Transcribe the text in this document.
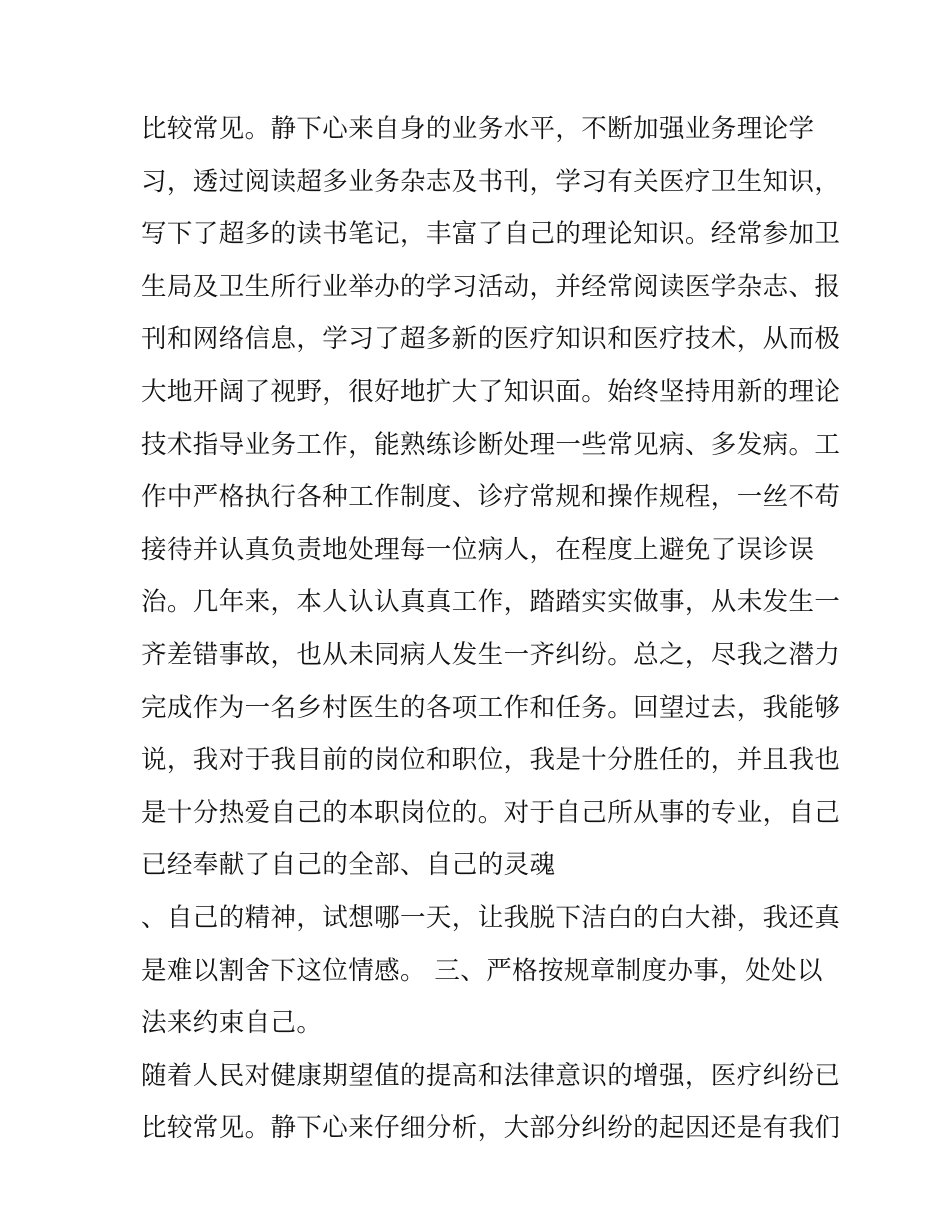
比较常见。静下心来自身的业务水平，不断加强业务理论学
习，透过阅读超多业务杂志及书刊，学习有关医疗卫生知识，
写下了超多的读书笔记，丰富了自己的理论知识。经常参加卫
生局及卫生所行业举办的学习活动，并经常阅读医学杂志、报
刊和网络信息，学习了超多新的医疗知识和医疗技术，从而极
大地开阔了视野，很好地扩大了知识面。始终坚持用新的理论
技术指导业务工作，能熟练诊断处理一些常见病、多发病。工
作中严格执行各种工作制度、诊疗常规和操作规程，一丝不苟
接待并认真负责地处理每一位病人，在程度上避免了误诊误
治。几年来，本人认认真真工作，踏踏实实做事，从未发生一
齐差错事故，也从未同病人发生一齐纠纷。总之，尽我之潜力
完成作为一名乡村医生的各项工作和任务。回望过去，我能够
说，我对于我目前的岗位和职位，我是十分胜任的，并且我也
是十分热爱自己的本职岗位的。对于自己所从事的专业，自己
已经奉献了自己的全部、自己的灵魂
、自己的精神，试想哪一天，让我脱下洁白的白大褂，我还真
是难以割舍下这位情感。 三、严格按规章制度办事，处处以
法来约束自己。
随着人民对健康期望值的提高和法律意识的增强，医疗纠纷已
比较常见。静下心来仔细分析，大部分纠纷的起因还是有我们
